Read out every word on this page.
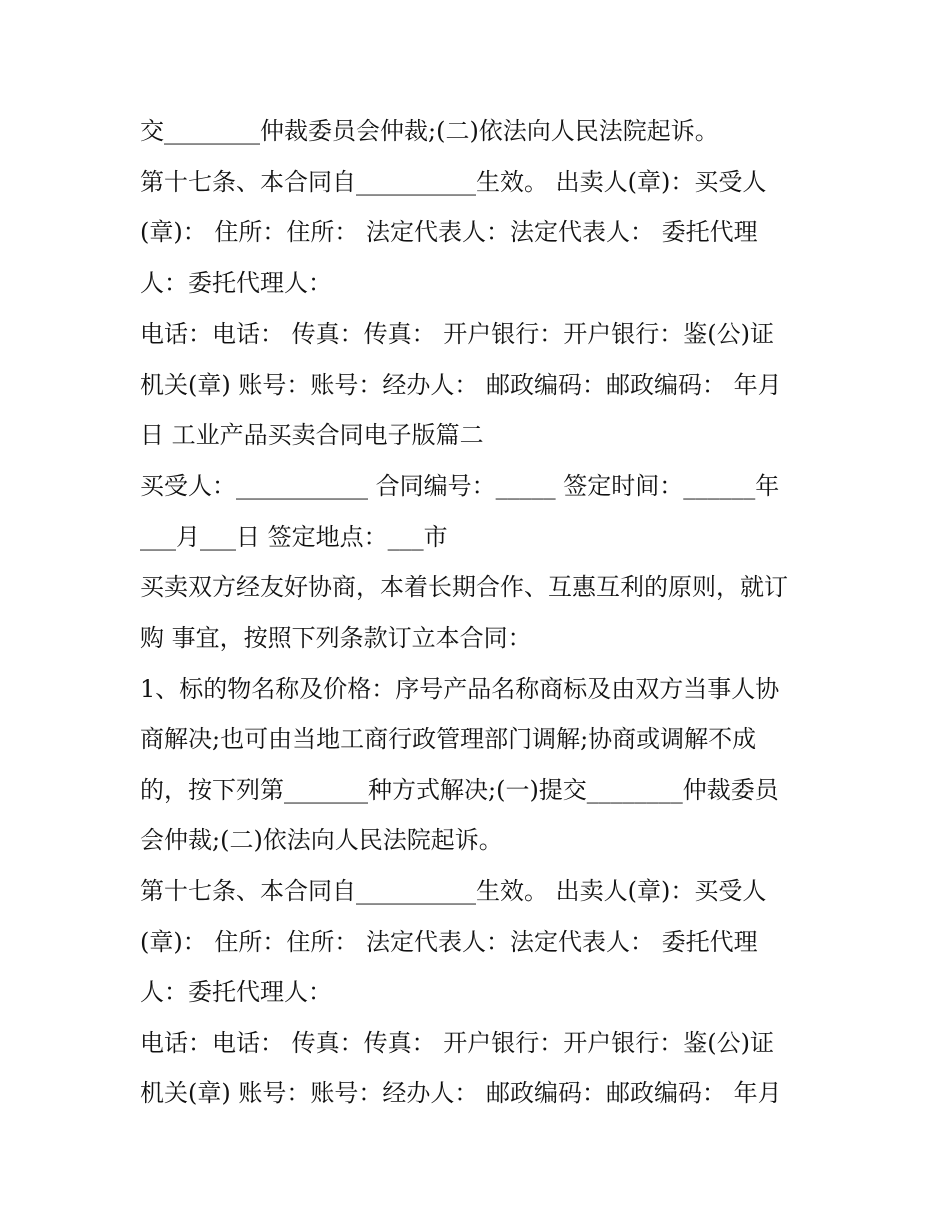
交________仲裁委员会仲裁;(二)依法向人民法院起诉。
第十七条、本合同自__________生效。 出卖人(章)：买受人
(章)： 住所：住所： 法定代表人：法定代表人： 委托代理
人：委托代理人：
电话：电话： 传真：传真： 开户银行：开户银行：鉴(公)证
机关(章) 账号：账号：经办人： 邮政编码：邮政编码： 年月
日 工业产品买卖合同电子版篇二
买受人：___________ 合同编号：_____ 签定时间：______年
___月___日 签定地点：___市
买卖双方经友好协商，本着长期合作、互惠互利的原则，就订
购 事宜，按照下列条款订立本合同：
1、标的物名称及价格：序号产品名称商标及由双方当事人协
商解决;也可由当地工商行政管理部门调解;协商或调解不成
的，按下列第_______种方式解决;(一)提交________仲裁委员
会仲裁;(二)依法向人民法院起诉。
第十七条、本合同自__________生效。 出卖人(章)：买受人
(章)： 住所：住所： 法定代表人：法定代表人： 委托代理
人：委托代理人：
电话：电话： 传真：传真： 开户银行：开户银行：鉴(公)证
机关(章) 账号：账号：经办人： 邮政编码：邮政编码： 年月
